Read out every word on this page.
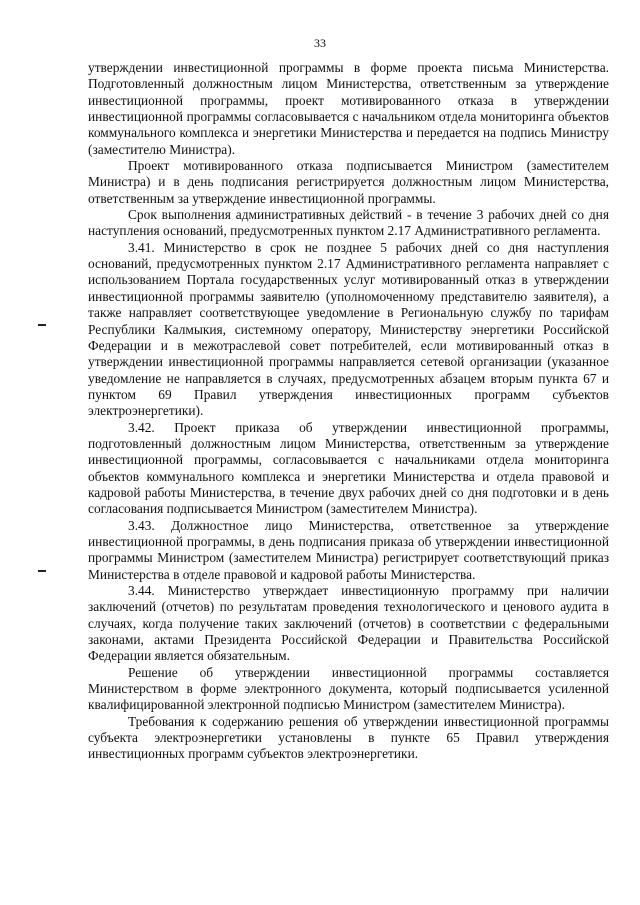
33

утверждении инвестиционной программы в форме проекта письма Министерства. Подготовленный должностным лицом Министерства, ответственным за утверждение инвестиционной программы, проект мотивированного отказа в утверждении инвестиционной программы согласовывается с начальником отдела мониторинга объектов коммунального комплекса и энергетики Министерства и передается на подпись Министру (заместителю Министра).

Проект мотивированного отказа подписывается Министром (заместителем Министра) и в день подписания регистрируется должностным лицом Министерства, ответственным за утверждение инвестиционной программы.

Срок выполнения административных действий - в течение 3 рабочих дней со дня наступления оснований, предусмотренных пунктом 2.17 Административного регламента.

3.41. Министерство в срок не позднее 5 рабочих дней со дня наступления оснований, предусмотренных пунктом 2.17 Административного регламента направляет с использованием Портала государственных услуг мотивированный отказ в утверждении инвестиционной программы заявителю (уполномоченному представителю заявителя), а также направляет соответствующее уведомление в Региональную службу по тарифам Республики Калмыкия, системному оператору, Министерству энергетики Российской Федерации и в межотраслевой совет потребителей, если мотивированный отказ в утверждении инвестиционной программы направляется сетевой организации (указанное уведомление не направляется в случаях, предусмотренных абзацем вторым пункта 67 и пунктом 69 Правил утверждения инвестиционных программ субъектов электроэнергетики).

3.42. Проект приказа об утверждении инвестиционной программы, подготовленный должностным лицом Министерства, ответственным за утверждение инвестиционной программы, согласовывается с начальниками отдела мониторинга объектов коммунального комплекса и энергетики Министерства и отдела правовой и кадровой работы Министерства, в течение двух рабочих дней со дня подготовки и в день согласования подписывается Министром (заместителем Министра).

3.43. Должностное лицо Министерства, ответственное за утверждение инвестиционной программы, в день подписания приказа об утверждении инвестиционной программы Министром (заместителем Министра) регистрирует соответствующий приказ Министерства в отделе правовой и кадровой работы Министерства.

3.44. Министерство утверждает инвестиционную программу при наличии заключений (отчетов) по результатам проведения технологического и ценового аудита в случаях, когда получение таких заключений (отчетов) в соответствии с федеральными законами, актами Президента Российской Федерации и Правительства Российской Федерации является обязательным.

Решение об утверждении инвестиционной программы составляется Министерством в форме электронного документа, который подписывается усиленной квалифицированной электронной подписью Министром (заместителем Министра).

Требования к содержанию решения об утверждении инвестиционной программы субъекта электроэнергетики установлены в пункте 65 Правил утверждения инвестиционных программ субъектов электроэнергетики.
